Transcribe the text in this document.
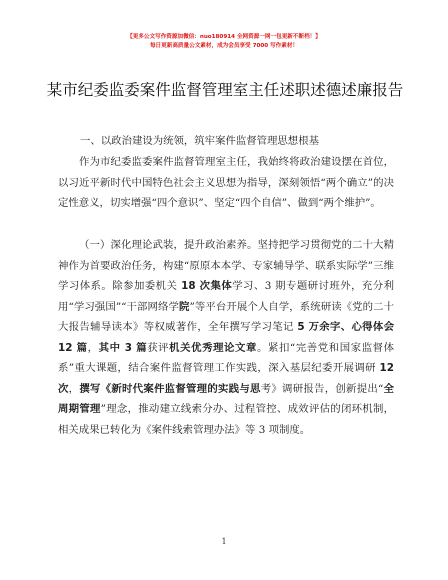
【更多公文写作资源加微信：nuo180914 全网资源一网一包更新不断档！】
每日更新高质量公文素材，成为会员享受 7000 写作素材！
某市纪委监委案件监督管理室主任述职述德述廉报告
一、以政治建设为统领，筑牢案件监督管理思想根基
作为市纪委监委案件监督管理室主任，我始终将政治建设摆在首位，以习近平新时代中国特色社会主义思想为指导，深刻领悟“两个确立”的决定性意义，切实增强“四个意识”、坚定“四个自信”、做到“两个维护”。
（一）深化理论武装，提升政治素养。坚持把学习贯彻党的二十大精神作为首要政治任务，构建“原原本本学、专家辅导学、联系实际学”三维学习体系。除参加委机关 18 次集体学习、3 期专题研讨班外，充分利用“学习强国”“干部网络学院”等平台开展个人自学，系统研读《党的二十大报告辅导读本》等权威著作，全年撰写学习笔记 5 万余字、心得体会 12 篇，其中 3 篇获评机关优秀理论文章。紧扣“完善党和国家监督体系”重大课题，结合案件监督管理工作实践，深入基层纪委开展调研 12 次，撰写《新时代案件监督管理的实践与思考》调研报告，创新提出“全周期管理”理念，推动建立线索分办、过程管控、成效评估的闭环机制，相关成果已转化为《案件线索管理办法》等 3 项制度。
1
